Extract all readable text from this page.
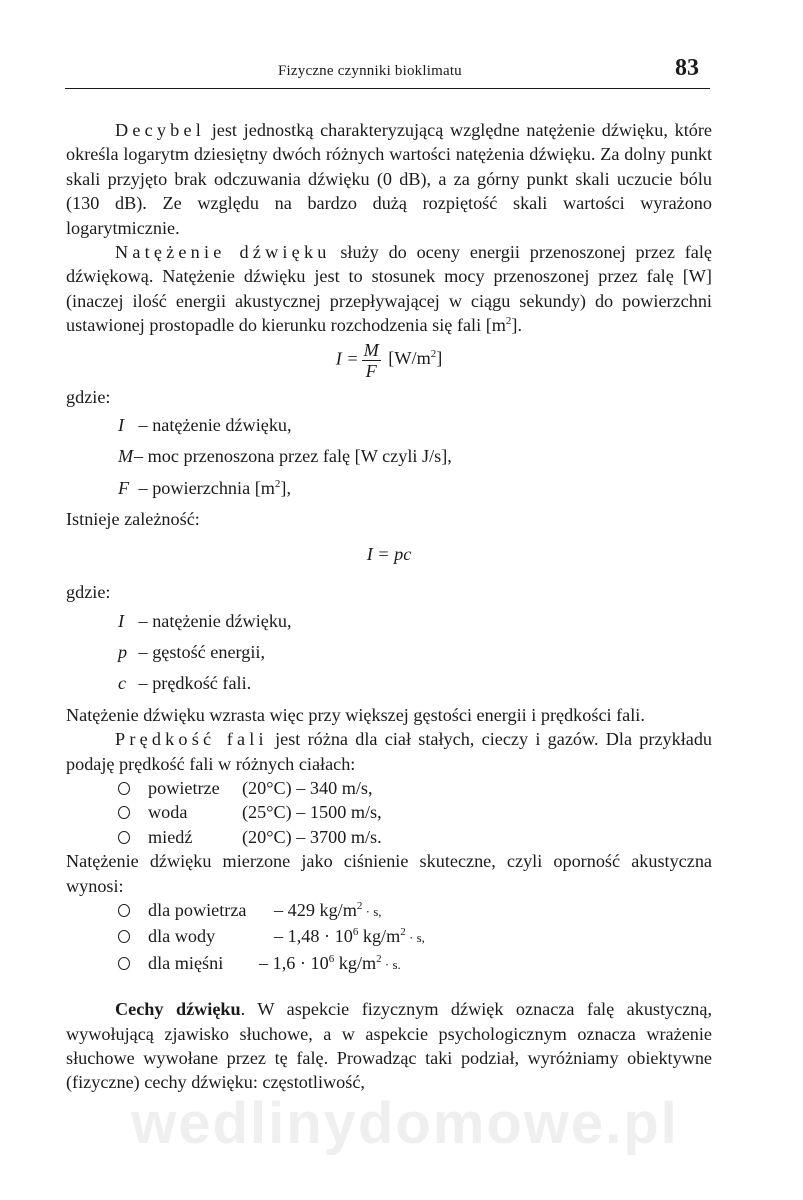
Fizyczne czynniki bioklimatu	83

Decybel jest jednostką charakteryzującą względne natężenie dźwięku, które określa logarytm dziesiętny dwóch różnych wartości natężenia dźwięku. Za dolny punkt skali przyjęto brak odczuwania dźwięku (0 dB), a za górny punkt skali uczucie bólu (130 dB). Ze względu na bardzo dużą rozpiętość skali wartości wyrażono logarytmicznie.

Natężenie dźwięku służy do oceny energii przenoszonej przez falę dźwiękową. Natężenie dźwięku jest to stosunek mocy przenoszonej przez falę [W] (inaczej ilość energii akustycznej przepływającej w ciągu sekundy) do powierzchni ustawionej prostopadle do kierunku rozchodzenia się fali $[m^2]$.

$I = \frac{M}{F} [W/m^2]$

gdzie:

I – natężenie dźwięku,
M– moc przenoszona przez falę [W czyli J/s],
F – powierzchnia $[m^2]$,

Istnieje zależność:

I = pc

gdzie:

I – natężenie dźwięku,
p – gęstość energii,
c – prędkość fali.

Natężenie dźwięku wzrasta więc przy większej gęstości energii i prędkości fali.

Prędkość fali jest różna dla ciał stałych, cieczy i gazów. Dla przykładu podaję prędkość fali w różnych ciałach:

powietrze (20°C) – 340 m/s,
woda	(25°C) – 1500 m/s,
miedź	(20°C) – 3700 m/s.

Natężenie dźwięku mierzone jako ciśnienie skuteczne, czyli oporność akustyczna wynosi:

dla powietrza – 429 $kg/m^2 \cdot s$,
dla wody	– $1,48 \cdot 10^6$ $kg/m^2 \cdot s$,
dla mięśni – $1,6 \cdot 10^6$ $kg/m^2 \cdot s$.

Cechy dźwięku. W aspekcie fizycznym dźwięk oznacza falę akustyczną, wywołującą zjawisko słuchowe, a w aspekcie psychologicznym oznacza wrażenie słuchowe wywołane przez tę falę. Prowadząc taki podział, wyróżniamy obiektywne (fizyczne) cechy dźwięku: częstotliwość,

wedlinydomowe.pl
